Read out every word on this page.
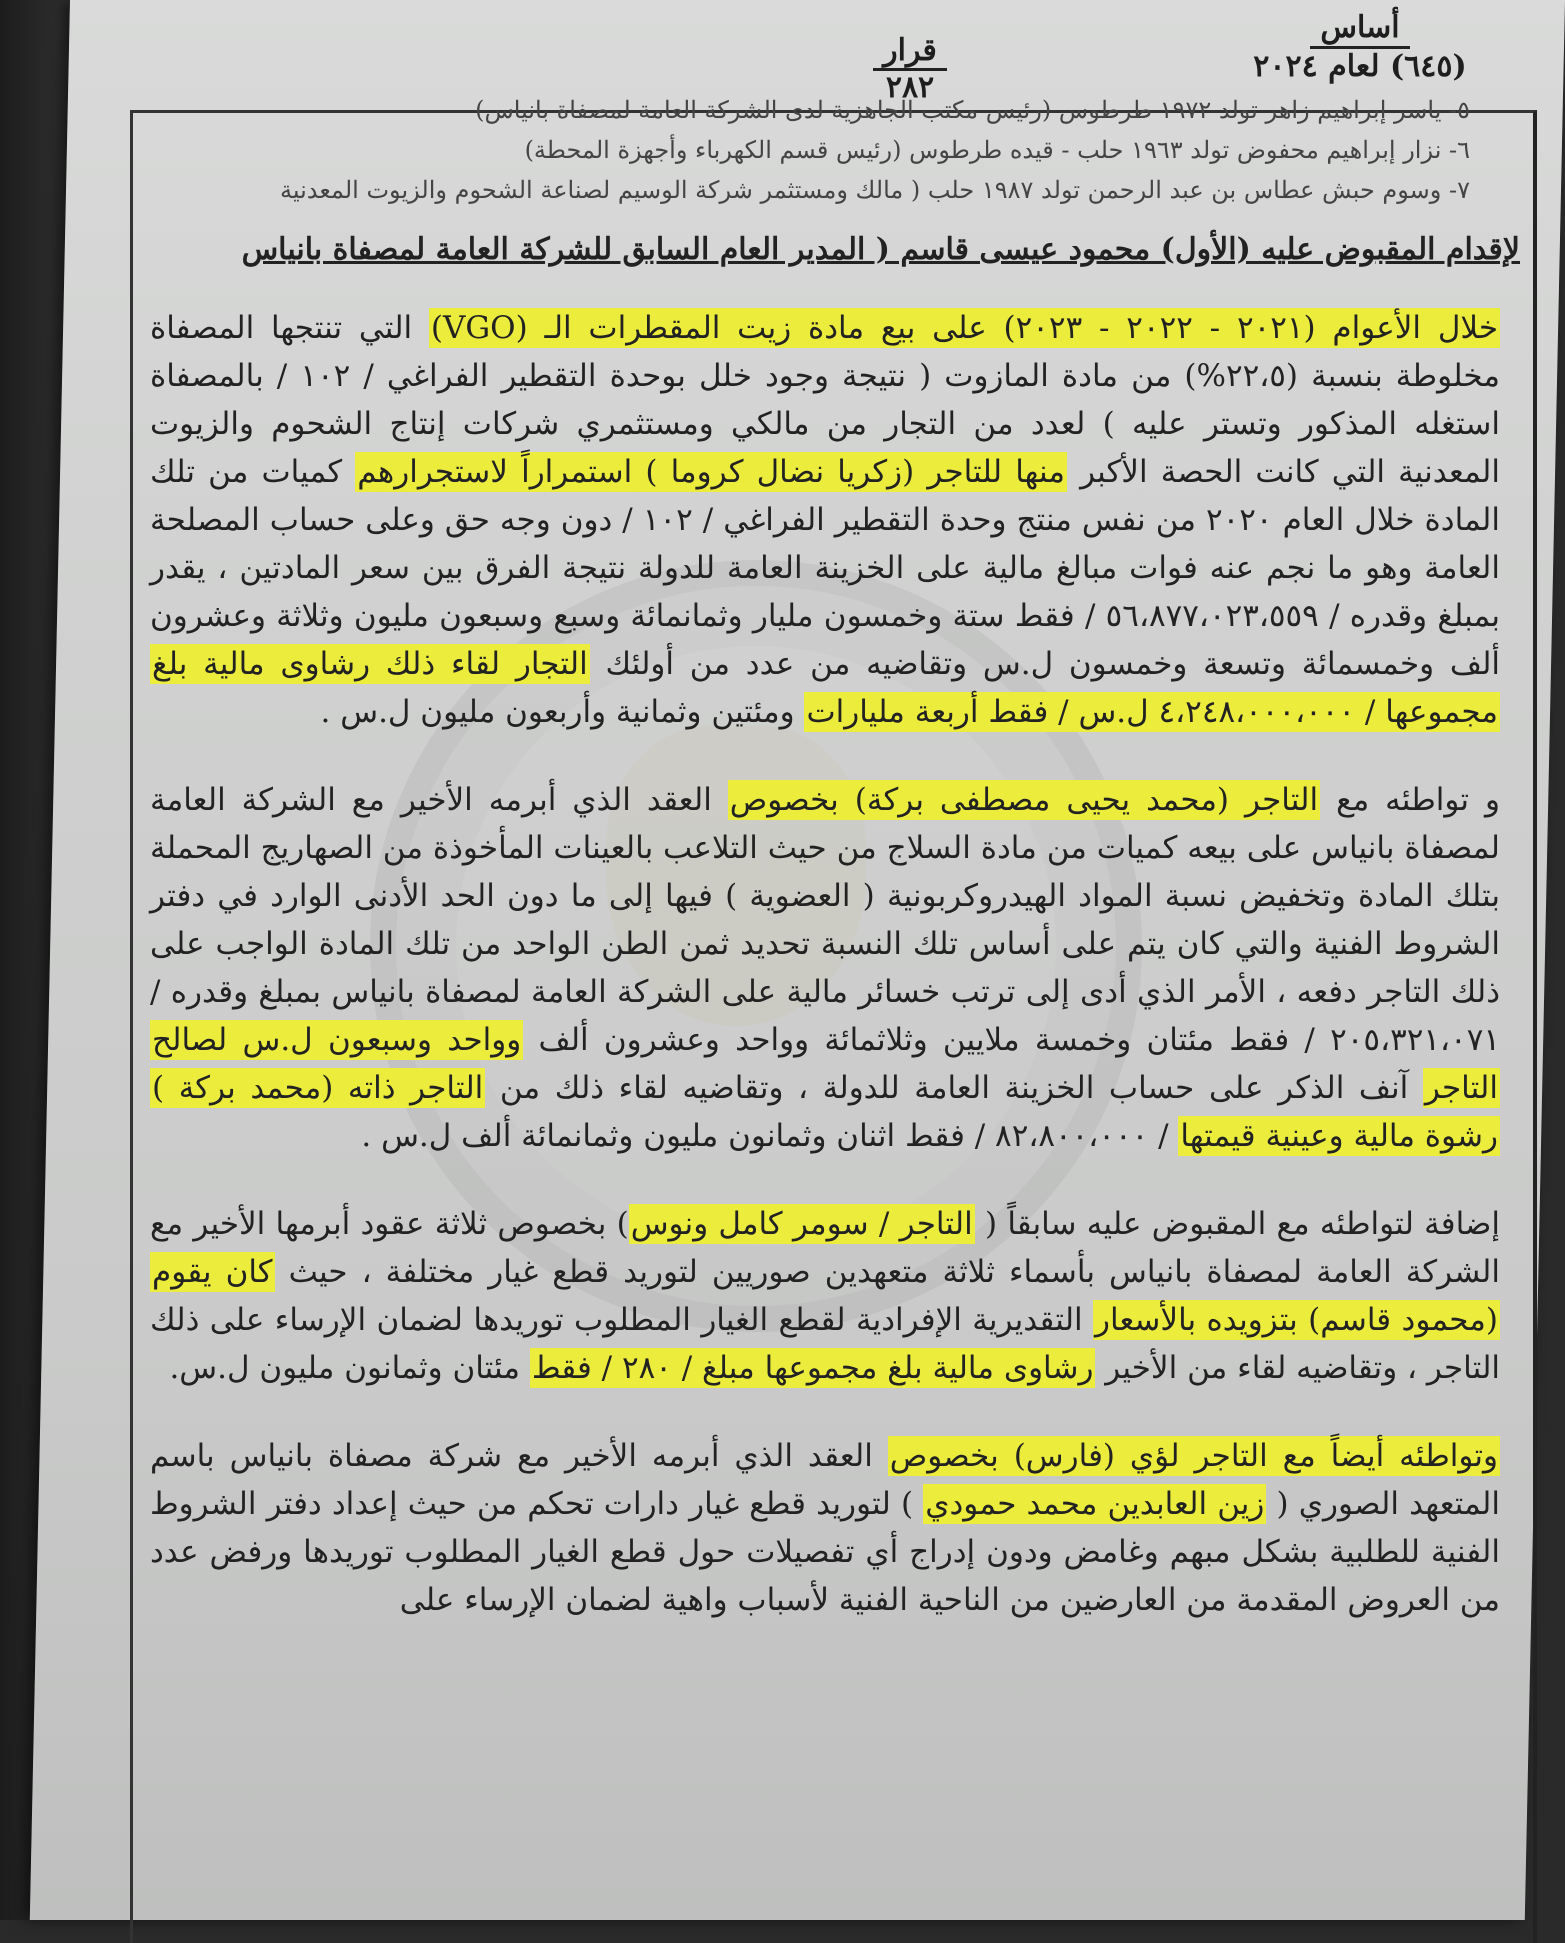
قرار
٢٨٢
أساس
(٦٤٥) لعام ٢٠٢٤

٥- ياسر إبراهيم زاهر تولد ١٩٧٢ طرطوس (رئيس مكتب الجاهزية لدى الشركة العامة لمصفاة بانياس)

٦- نزار إبراهيم محفوض تولد ١٩٦٣ حلب - قيده طرطوس (رئيس قسم الكهرباء وأجهزة المحطة)

٧- وسوم حبش عطاس بن عبد الرحمن تولد ١٩٨٧ حلب ( مالك ومستثمر شركة الوسيم لصناعة الشحوم والزيوت المعدنية

لإقدام المقبوض عليه (الأول) محمود عيسى قاسم ( المدير العام السابق للشركة العامة لمصفاة بانياس

خلال الأعوام (٢٠٢١ - ٢٠٢٢ - ٢٠٢٣) على بيع مادة زيت المقطرات الـ (VGO) التي تنتجها المصفاة مخلوطة بنسبة (٢٢،٥%) من مادة المازوت ( نتيجة وجود خلل بوحدة التقطير الفراغي / ١٠٢ / بالمصفاة استغله المذكور وتستر عليه ) لعدد من التجار من مالكي ومستثمري شركات إنتاج الشحوم والزيوت المعدنية التي كانت الحصة الأكبر منها للتاجر (زكريا نضال كروما ) استمراراً لاستجرارهم كميات من تلك المادة خلال العام ٢٠٢٠ من نفس منتج وحدة التقطير الفراغي / ١٠٢ / دون وجه حق وعلى حساب المصلحة العامة وهو ما نجم عنه فوات مبالغ مالية على الخزينة العامة للدولة نتيجة الفرق بين سعر المادتين ، يقدر بمبلغ وقدره / ٥٦،٨٧٧،٠٢٣،٥٥٩ / فقط ستة وخمسون مليار وثمانمائة وسبع وسبعون مليون وثلاثة وعشرون ألف وخمسمائة وتسعة وخمسون ل.س وتقاضيه من عدد من أولئك التجار لقاء ذلك رشاوى مالية بلغ مجموعها / ٤،٢٤٨،٠٠٠،٠٠٠ ل.س / فقط أربعة مليارات ومئتين وثمانية وأربعون مليون ل.س .

و تواطئه مع التاجر (محمد يحيى مصطفى بركة) بخصوص العقد الذي أبرمه الأخير مع الشركة العامة لمصفاة بانياس على بيعه كميات من مادة السلاج من حيث التلاعب بالعينات المأخوذة من الصهاريج المحملة بتلك المادة وتخفيض نسبة المواد الهيدروكربونية ( العضوية ) فيها إلى ما دون الحد الأدنى الوارد في دفتر الشروط الفنية والتي كان يتم على أساس تلك النسبة تحديد ثمن الطن الواحد من تلك المادة الواجب على ذلك التاجر دفعه ، الأمر الذي أدى إلى ترتب خسائر مالية على الشركة العامة لمصفاة بانياس بمبلغ وقدره / ٢٠٥،٣٢١،٠٧١ / فقط مئتان وخمسة ملايين وثلاثمائة وواحد وعشرون ألف وواحد وسبعون ل.س لصالح التاجر آنف الذكر على حساب الخزينة العامة للدولة ، وتقاضيه لقاء ذلك من التاجر ذاته (محمد بركة ) رشوة مالية وعينية قيمتها / ٨٢،٨٠٠،٠٠٠ / فقط اثنان وثمانون مليون وثمانمائة ألف ل.س .

إضافة لتواطئه مع المقبوض عليه سابقاً ( التاجر / سومر كامل ونوس) بخصوص ثلاثة عقود أبرمها الأخير مع الشركة العامة لمصفاة بانياس بأسماء ثلاثة متعهدين صوريين لتوريد قطع غيار مختلفة ، حيث كان يقوم (محمود قاسم) بتزويده بالأسعار التقديرية الإفرادية لقطع الغيار المطلوب توريدها لضمان الإرساء على ذلك التاجر ، وتقاضيه لقاء من الأخير رشاوى مالية بلغ مجموعها مبلغ / ٢٨٠ / فقط مئتان وثمانون مليون ل.س.

وتواطئه أيضاً مع التاجر لؤي (فارس) بخصوص العقد الذي أبرمه الأخير مع شركة مصفاة بانياس باسم المتعهد الصوري ( زين العابدين محمد حمودي ) لتوريد قطع غيار دارات تحكم من حيث إعداد دفتر الشروط الفنية للطلبية بشكل مبهم وغامض ودون إدراج أي تفصيلات حول قطع الغيار المطلوب توريدها ورفض عدد من العروض المقدمة من العارضين من الناحية الفنية لأسباب واهية لضمان الإرساء على
